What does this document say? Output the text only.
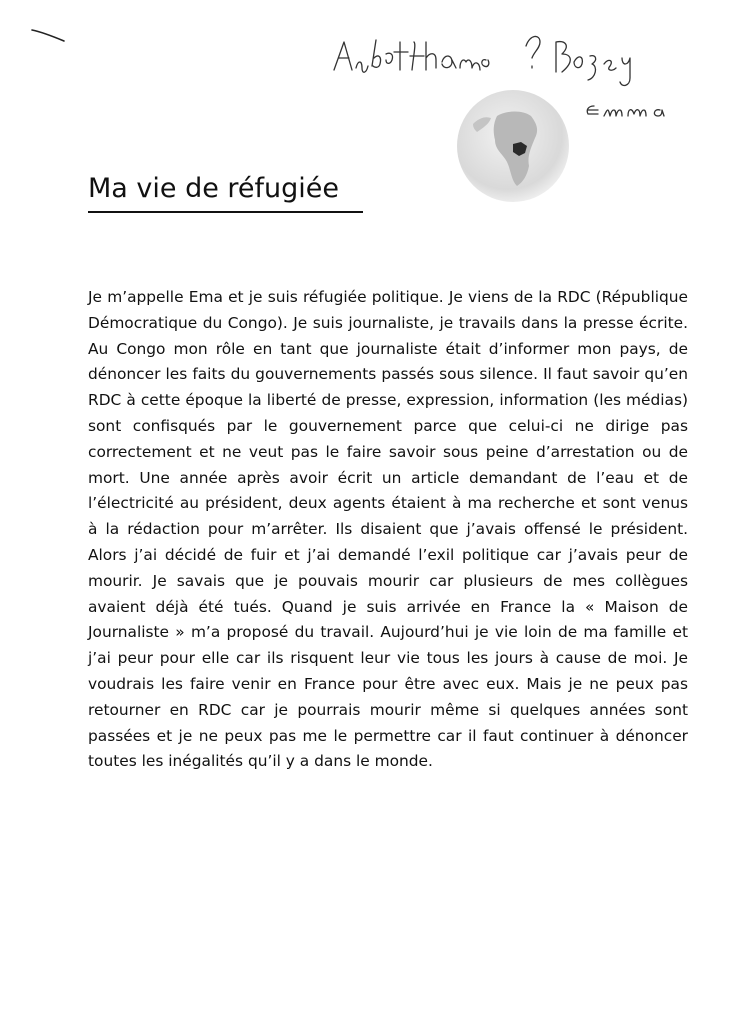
Ma vie de réfugiée

Je m’appelle Ema et je suis réfugiée politique. Je viens de la RDC (République Démocratique du Congo). Je suis journaliste, je travails dans la presse écrite. Au Congo mon rôle en tant que journaliste était d’informer mon pays, de dénoncer les faits du gouvernements passés sous silence. Il faut savoir qu’en RDC à cette époque la liberté de presse, expression, information (les médias) sont confisqués par le gouvernement parce que celui-ci ne dirige pas correctement et ne veut pas le faire savoir sous peine d’arrestation ou de mort. Une année après avoir écrit un article demandant de l’eau et de l’électricité au président, deux agents étaient à ma recherche et sont venus à la rédaction pour m’arrêter. Ils disaient que j’avais offensé le président. Alors j’ai décidé de fuir et j’ai demandé l’exil politique car j’avais peur de mourir. Je savais que je pouvais mourir car plusieurs de mes collègues avaient déjà été tués. Quand je suis arrivée en France la « Maison de Journaliste » m’a proposé du travail. Aujourd’hui je vie loin de ma famille et j’ai peur pour elle car ils risquent leur vie tous les jours à cause de moi. Je voudrais les faire venir en France pour être avec eux. Mais je ne peux pas retourner en RDC car je pourrais mourir même si quelques années sont passées et je ne peux pas me le permettre car il faut continuer à dénoncer toutes les inégalités qu’il y a dans le monde.
